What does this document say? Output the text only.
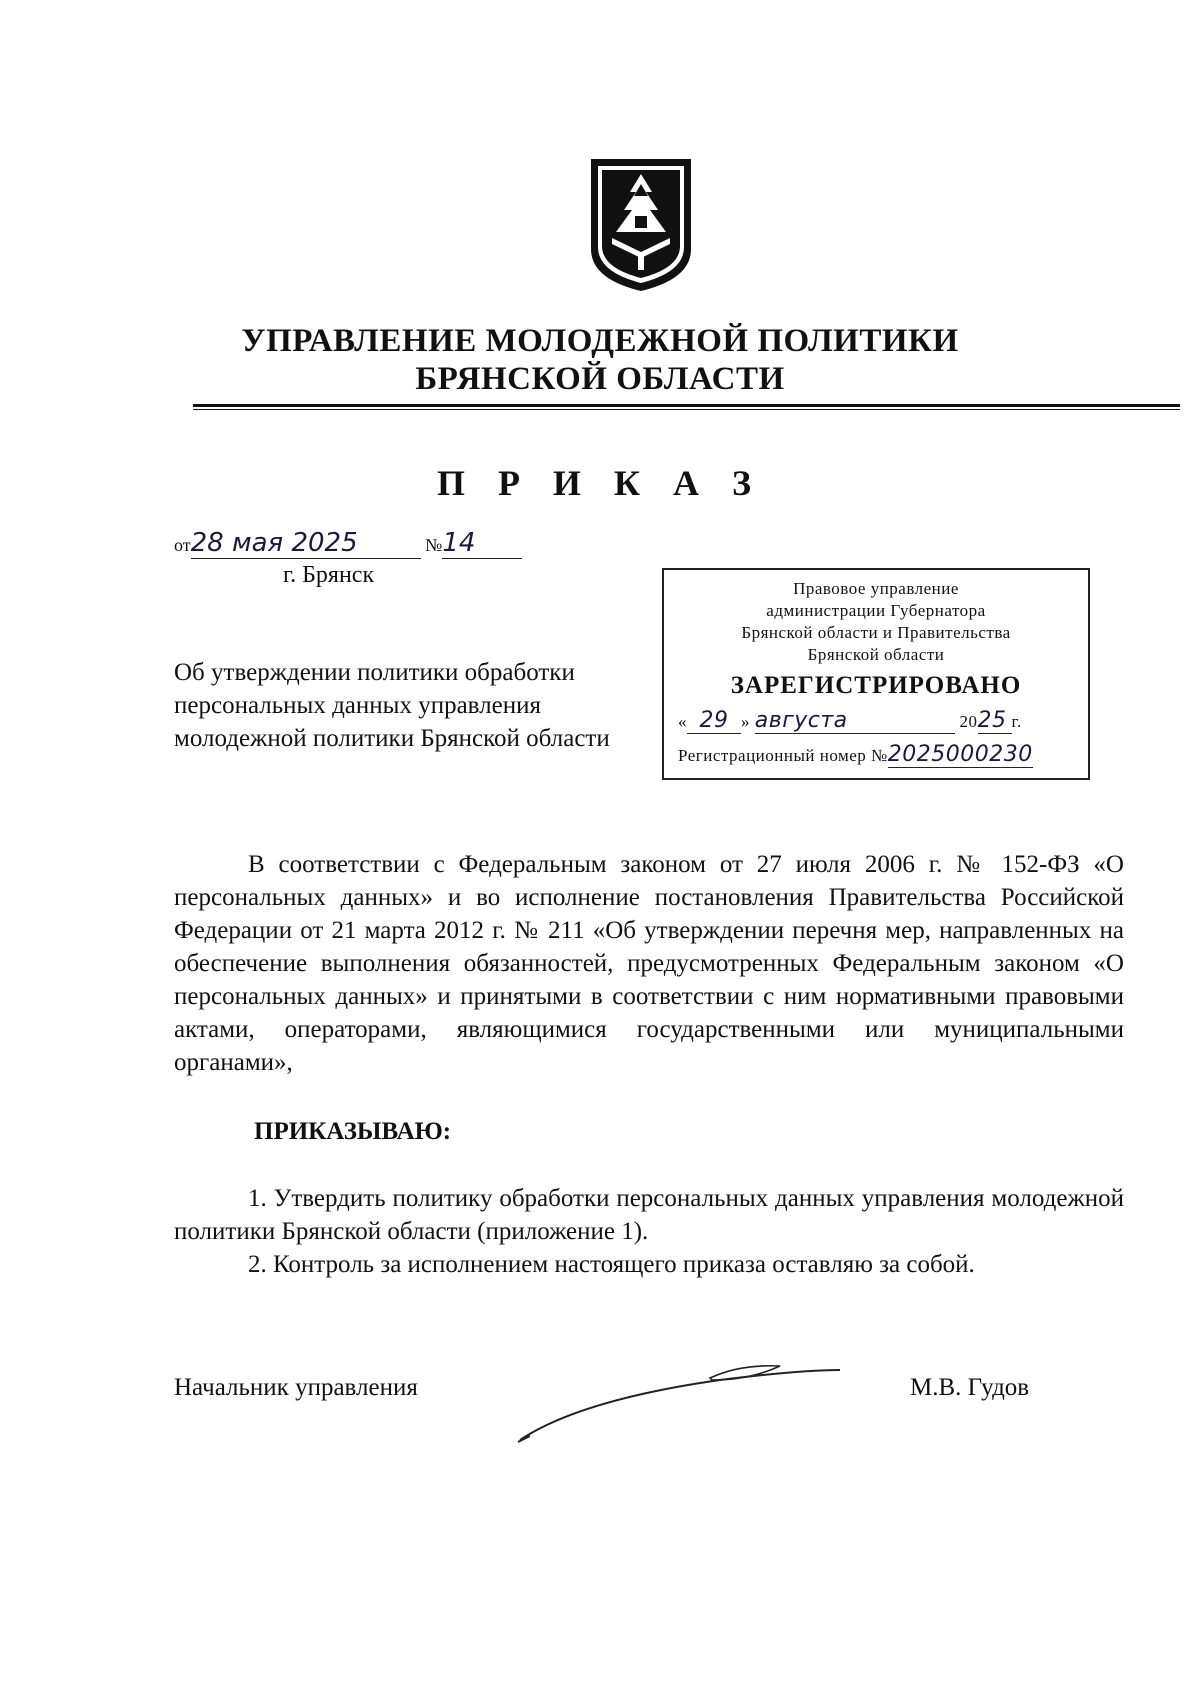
УПРАВЛЕНИЕ МОЛОДЕЖНОЙ ПОЛИТИКИ
БРЯНСКОЙ ОБЛАСТИ
П Р И К А З
от28 мая 2025	№14
г. Брянск
Об утверждении политики обработки персональных данных управления молодежной политики Брянской области
Правовое управление
администрации Губернатора
Брянской области и Правительства
Брянской области
ЗАРЕГИСТРИРОВАНО
« 29 » августа	2025 г.
Регистрационный номер №2025000230
В соответствии с Федеральным законом от 27 июля 2006 г. № 152-ФЗ «О персональных данных» и во исполнение постановления Правительства Российской Федерации от 21 марта 2012 г. № 211 «Об утверждении перечня мер, направленных на обеспечение выполнения обязанностей, предусмотренных Федеральным законом «О персональных данных» и принятыми в соответствии с ним нормативными правовыми актами, операторами, являющимися государственными или муниципальными органами»,
ПРИКАЗЫВАЮ:

1. Утвердить политику обработки персональных данных управления молодежной политики Брянской области (приложение 1).

2. Контроль за исполнением настоящего приказа оставляю за собой.

Начальник управления	М.В. Гудов
